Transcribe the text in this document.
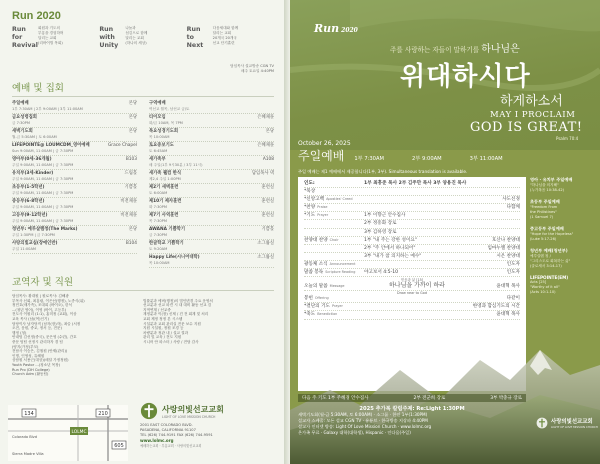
Run 2020
Run
for
Revival
회원과 기도의
부흥을 경험하며
달리는 교회
(리바이벌 목회)
Run
with
Unity
나눔과
섬김으로 함께
달리는 교회
(하나의 세상)
Run
to
Next
다음세대와 함께
달리는 교회
20개국 20개국
선교 단기훈련
담임목사 설교방송 CGN TV
매주 토요일 4:40PM
예배 및 집회
주일예배	본당
1부 7:30AM | 2부 9:00AM | 3부 11:00AM
금요성령집회	본당
금 7:30PM
새벽기도회	본당
월-금 5:30AM | 토 6:00AM
LIFEPOINTE@ LOUMCDM_영어예배	Grace Chapel
Sun 9:00AM, 11:00AM | 금 7:30PM
영아부(0세-36개월)	B103
주일 9:00AM, 11:00AM | 금 7:30PM
유치부(3세-Kinder)	드림홀
주일 9:00AM, 11:00AM | 금 7:30PM
초등부(1-5학년)	기쁨홀
주일 9:00AM, 11:00AM | 금 7:30PM
중등부(6-8학년)	비전채플
주일 9:00AM, 11:00AM | 금 7:30PM
고등부(9-12학년)	비전채플
주일 9:00AM, 11:00AM | 금 7:30PM
청년부: 예루살렘청(The Marks)	본당
주일 1:30PM | 금 7:30PM
사랑의빛교실(장애인반)	B104
주일 11:00AM
구역예배
여선교 월목, 남선교 금/토
티이모임	은혜채플
화/금 10AM, 목 7PM
목요성경기도회	본당
목 10:00AM
토요중보기도	은혜채플
토 6:45AM
새가족부	A108
매 주일(1부 9시30분 / 3부 11시)
새가족 웰컴 한식	담임목사 댁
제2,4 주일 1:00PM
제2기 새벽훈련	훈련실
토 6:00AM
제10기 제자훈련	훈련실
화 7:30PM
제7기 사역훈련	훈련실
목 7:30PM
AWANA 기쁨학기	기쁨홀
금 7:30PM
한글학교 기쁨학기	소그룹실
토 9:20AM
Happy Life(시니어대학)	소그룹실
목 10:00AM
교역자 및 직원
담임목사: 황대원 | 원로목사: 김해광
부목사 신회, 최홍림, 이은선(행정), 노종식(위)
정민호(새가족), 조대희 (바이오), 한석
...(청년 영어), 이영 (바이, 고등부)
전도사 이원리 (1:1), 홈미정 (교회), 이상
교육 목사 (남/(여)인기)
담당이사 남자당직 (남자(장)자), 최슬 (서정
오전, 음원, 중교, 정서 등, 전문)
행정 (청)
안내팀 김선정(중국), 문은영 (수련), 간호
중문 팀팀 선정시 관리하자 경 팀
(양지(가정)부모)
전담사 이승은, 김철원 (안제(관리))
인명, 인영성, 유혜원
상담원 서용근(대상)(매달 가정정원)
Youth Pastor ...(청소년 목장)
Run Pro (DH College)
Church Adm (활동팀)
법률분과 에버(행정)의 법인변경 주요 운영처
선교분과 선교 파견 시 내 대비 활동 선교 검
지역연계 / 선교중
재정분과 이(장) 신제 / 건 전 회계 및 처리
교회 제정 정정 본 시스템
시설분과 교회 관리실 전문 보수 지원
지원 시설원, 정원 조경 등
차량분과 정관 내 / 설교 결과
관리 및 교육 / 전도 지원
시니어 안 파스터 / 사랑 / 전담 감사
134	210
605
LOLMC
Colorado Blvd
Sierra Madre Villa
사랑의빛선교교회
LIGHT OF LOVE MISSION CHURCH
2001 EAST COLORADO BLVD.
PASADENA, CALIFORNIA 91107
TEL (626) 744-9191 FAX (626) 744-9591
www.lolmc.org
예배하는교회 · 부흥교회 · 사랑의빛선교교회
Run 2020
주를 사랑하는 자들이 말하기를 하나님은
위대하시다
하게하소서
MAY I PROCLAIM
GOD IS GREAT!
Psalm 70:4
October 26, 2025
주일예배 1부 7:30AM	2부 9:00AM	3부 11:00AM
주일 예배는 제1 예배에서 제공합니다(1부, 3부). Simultaneous translation is available.
인도:	1부 최흥준 목사 2부 김주만 목사 3부 양용진 목사
*묵상
*신앙고백 Apostles' Creed	사도신경
*찬양 Praise	다함께
*기도 Prayer	1부 이향근 안수집사
2부 정흥화 장로
3부 김하영 장로
찬양대 찬양 Choir	1부 "내 주는 강한 성이요"	호산나 찬양대
2부 "주 안에서 하나되어"	임마누엘 찬양대
3부 "내가 참 의지하는 예수"	시온 찬양대
광동체 소식 Announcement	인도자
말씀 봉독 Scripture Reading	야고보서 4:5-10	인도자
믿음과 삶 [15]
오늘의 말씀 Message	하나님을 가까이 하라	윤대혁 목사
Draw near to God
봉헌 Offering	다같이
*결단의 기도 Prayer	한영과 합심기도의 시간
*축도 Benediction	윤대혁 목사
영아 · 유치부 주일예배
"하나님을 의지해"
(누가복음 10:38-42)
초등부 주일예배
"Freedom From
the Philistines"
(1 Samuel 7)
중고등부 주일예배
"Hope for the Hopeless"
(Luke 5:17-26)
청년부 예배(청년부)
예루살렘 청 /
"그리스도로 회복하는 삶"
(골로새서 3:14-17)
LIFEPOINTE(EM)
Acts [25]
"Worthy of it all"
(Acts 10:1-10)
다음 주 기도 1부 주혜경 안수집사	2부 전군희 장로	3부 박충규 장로
2025 추가복 칼럼주제: Re:Light 1:30PM
새벽기도회(월-금 5:30AM, 토 6:00AM) · 소그룹 · 한인 1부(1:30PM)
설교자 스케줄: 모든 설교 CGN TV · 유튜브 · 한국방송 지상파 4:40PM
설교자 인터넷 방송: Light Of Love Mission Church · www.lolmc.org
온가족 무료 · Galaxy 대학(대학생), Hispanic · 인다음(주일)
사랑의빛선교교회
LIGHT OF LOVE MISSION CHURCH
